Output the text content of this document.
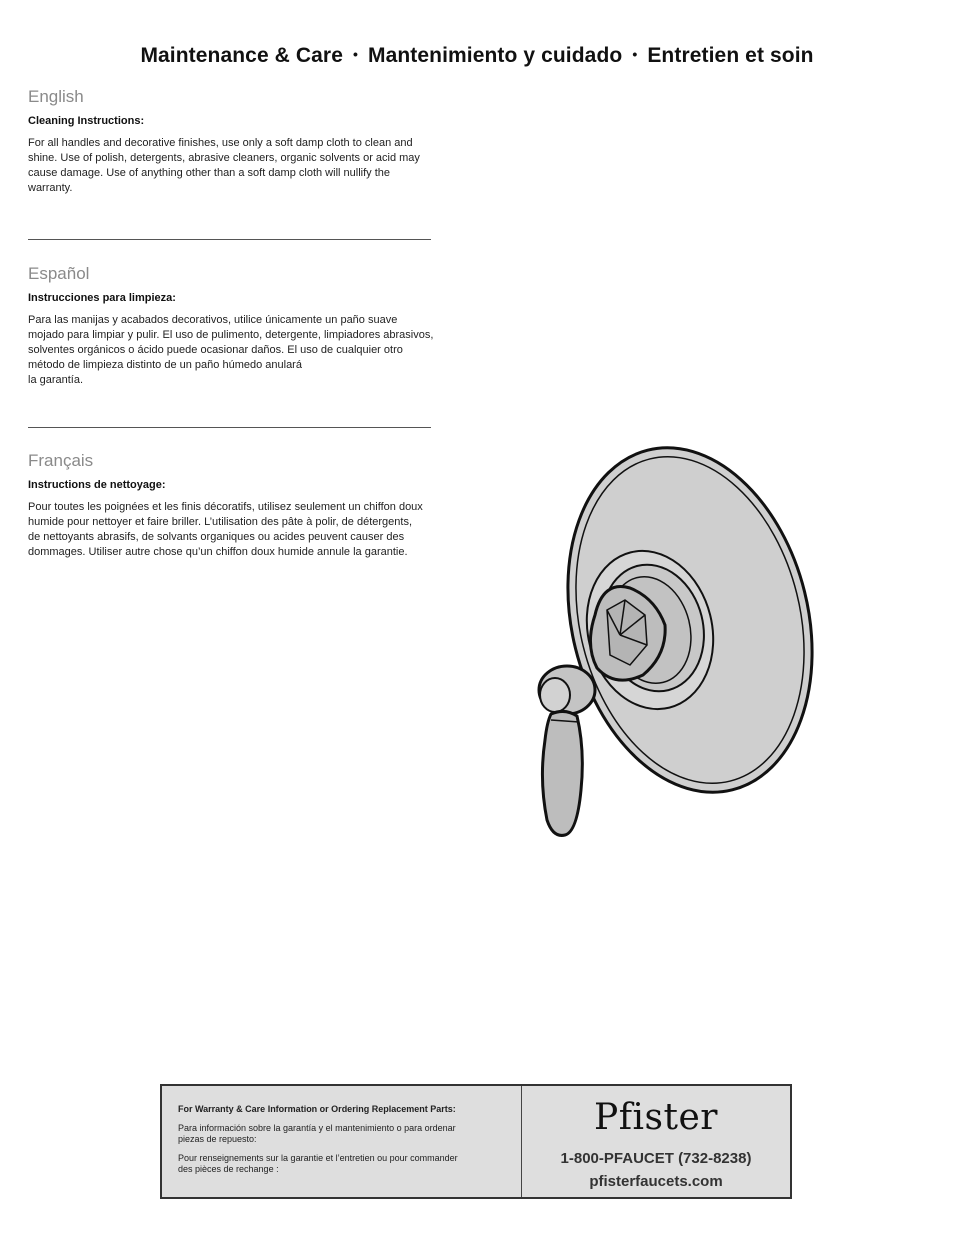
Maintenance & Care • Mantenimiento y cuidado • Entretien et soin
English

Cleaning Instructions:

For all handles and decorative finishes, use only a soft damp cloth to clean and
shine. Use of polish, detergents, abrasive cleaners, organic solvents or acid may
cause damage. Use of anything other than a soft damp cloth will nullify the
warranty.

Español

Instrucciones para limpieza:

Para las manijas y acabados decorativos, utilice únicamente un paño suave
mojado para limpiar y pulir. El uso de pulimento, detergente, limpiadores abrasivos,
solventes orgánicos o ácido puede ocasionar daños. El uso de cualquier otro
método de limpieza distinto de un paño húmedo anulará
la garantía.

Français

Instructions de nettoyage:

Pour toutes les poignées et les finis décoratifs, utilisez seulement un chiffon doux
humide pour nettoyer et faire briller. L’utilisation des pâte à polir, de détergents,
de nettoyants abrasifs, de solvants organiques ou acides peuvent causer des
dommages. Utiliser autre chose qu’un chiffon doux humide annule la garantie.

For Warranty & Care Information or Ordering Replacement Parts:

Para información sobre la garantía y el mantenimiento o para ordenar
piezas de repuesto:

Pour renseignements sur la garantie et l’entretien ou pour commander
des pièces de rechange :

Pfister
1-800-PFAUCET (732-8238)
pfisterfaucets.com
